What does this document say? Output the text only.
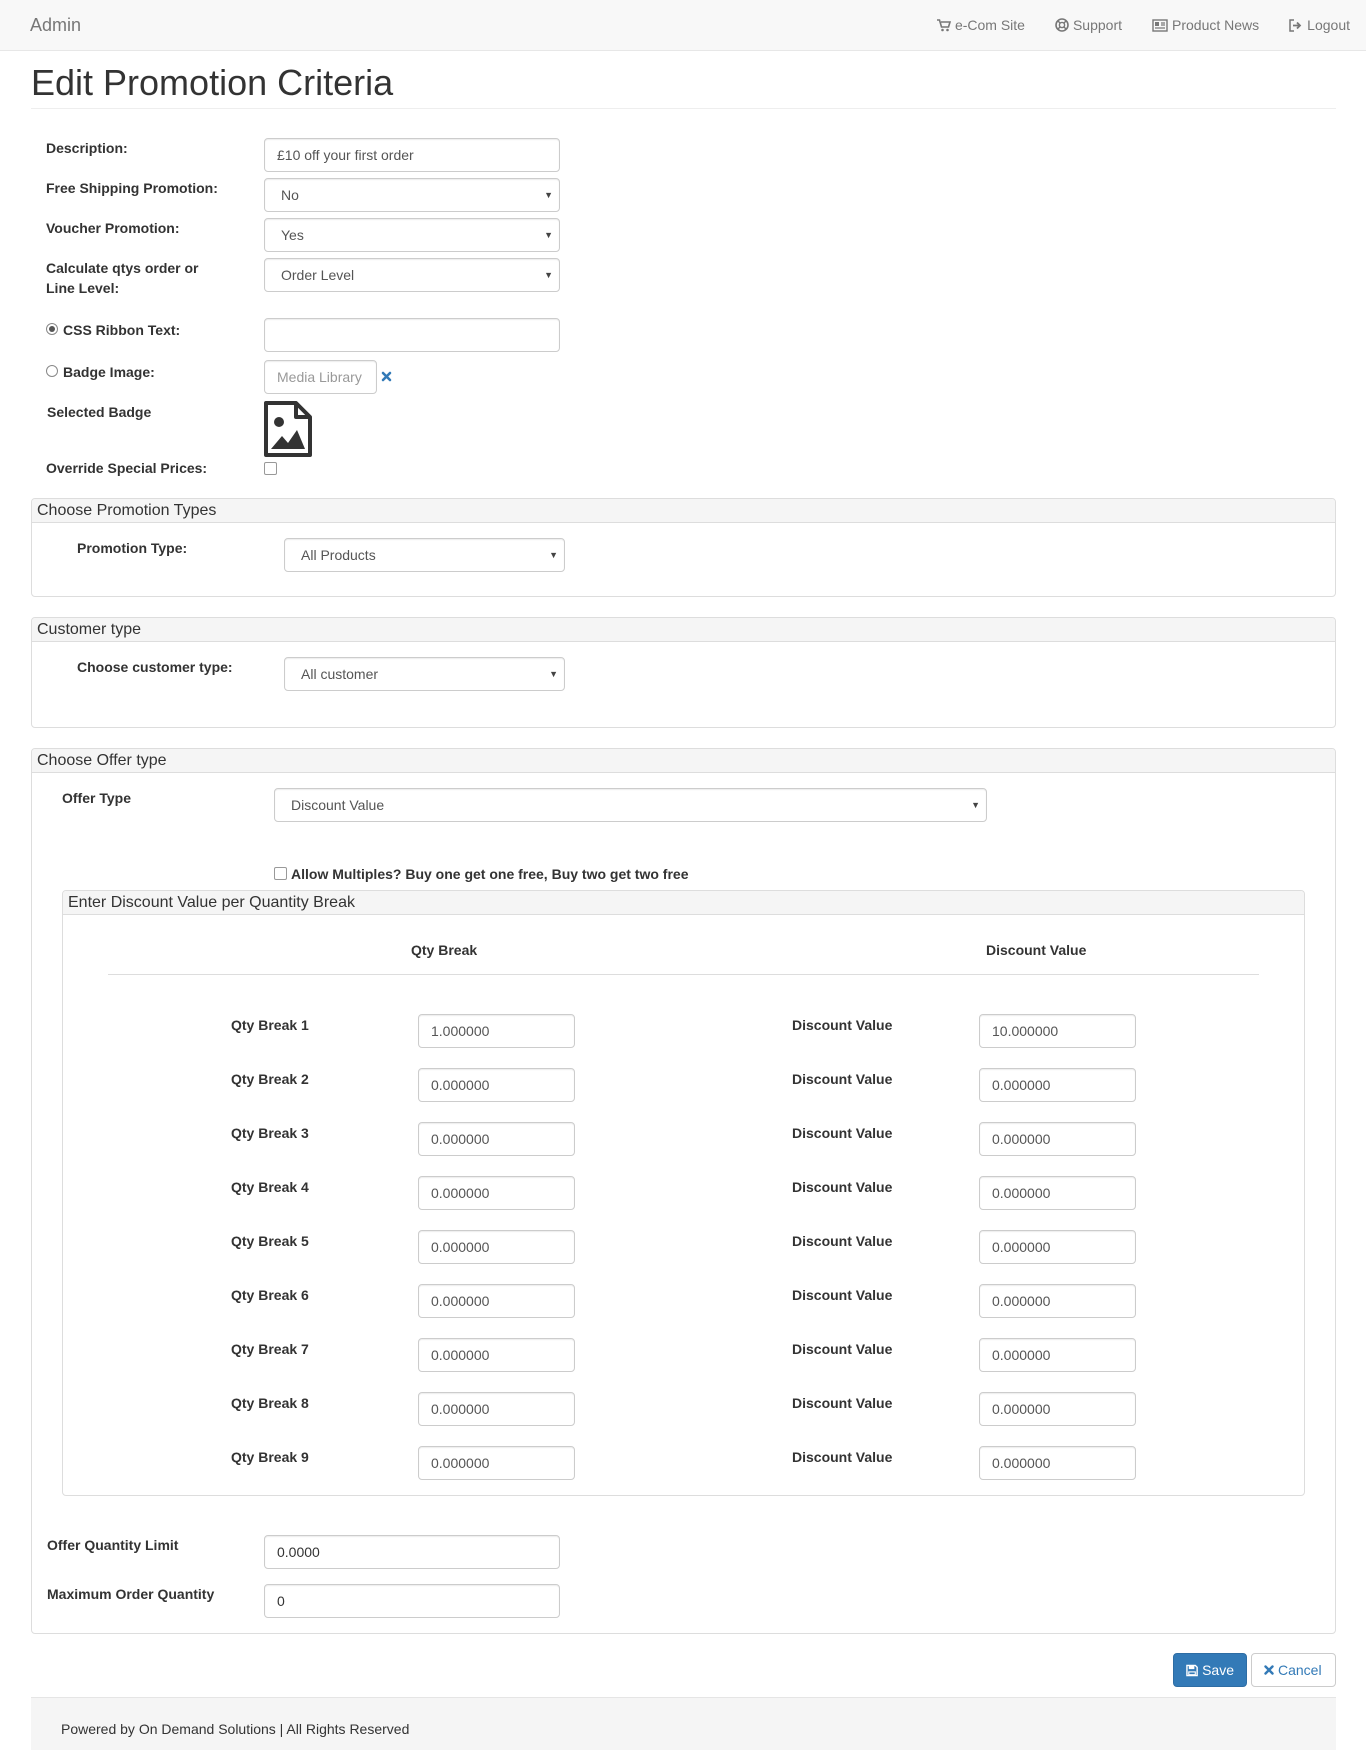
Admin	e-Com Site	Support	Product News	Logout
Edit Promotion Criteria
Description:	£10 off your first order
Free Shipping Promotion:	No	▼
Voucher Promotion:	Yes	▼
Calculate qtys order or
Line Level:
Order Level	▼
CSS Ribbon Text:
Badge Image:	Media Library
Selected Badge
Override Special Prices:
Choose Promotion Types
Promotion Type:	All Products	▼
Customer type
Choose customer type:	All customer	▼
Choose Offer type
Offer Type	Discount Value	▼
Allow Multiples? Buy one get one free, Buy two get two free
Enter Discount Value per Quantity Break
Qty Break	Discount Value
Qty Break 1	1.000000	Discount Value	10.000000
Qty Break 2	0.000000	Discount Value	0.000000
Qty Break 3	0.000000	Discount Value	0.000000
Qty Break 4	0.000000	Discount Value	0.000000
Qty Break 5	0.000000	Discount Value	0.000000
Qty Break 6	0.000000	Discount Value	0.000000
Qty Break 7	0.000000	Discount Value	0.000000
Qty Break 8	0.000000	Discount Value	0.000000
Qty Break 9	0.000000	Discount Value	0.000000
Offer Quantity Limit	0.0000
Maximum Order Quantity	0
Save	Cancel
Powered by On Demand Solutions | All Rights Reserved
